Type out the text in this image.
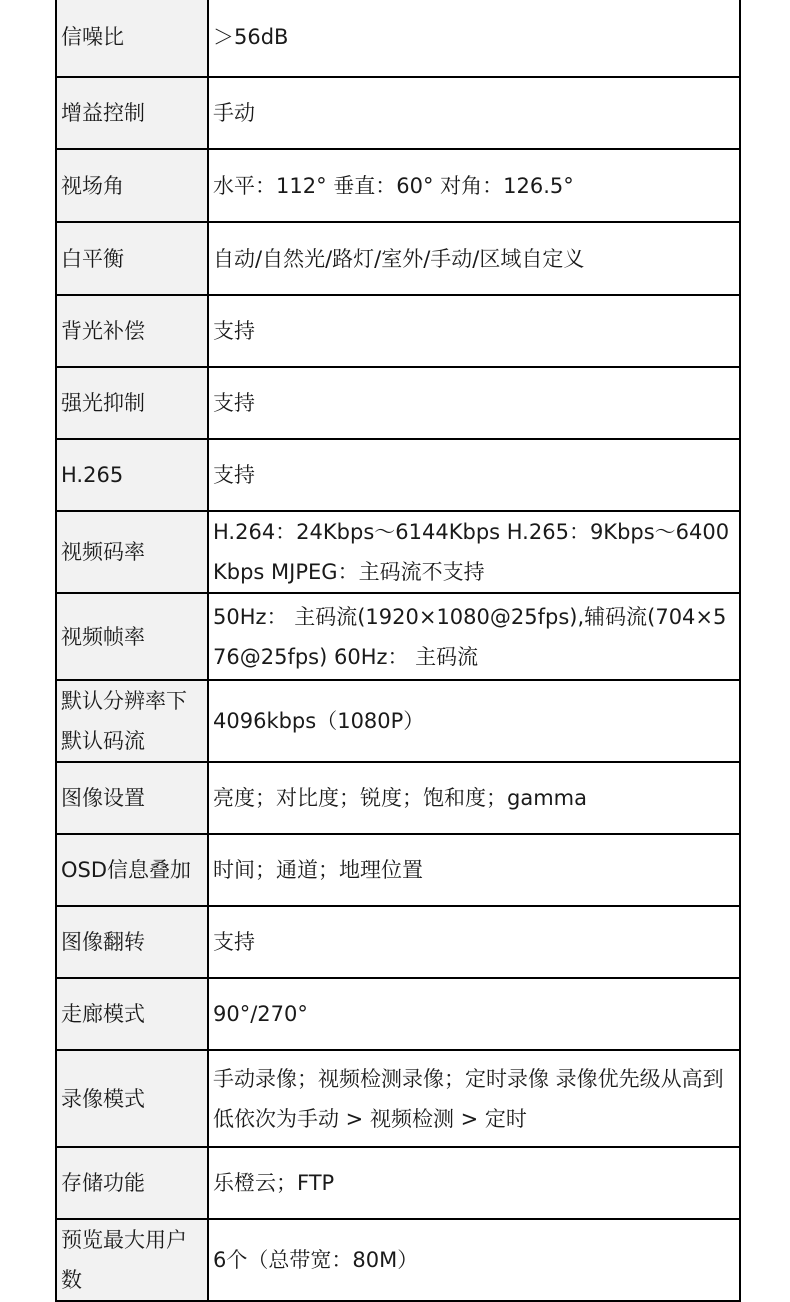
信噪比	＞56dB
增益控制	手动
视场角	水平：112° 垂直：60° 对角：126.5°
白平衡	自动/自然光/路灯/室外/手动/区域自定义
背光补偿	支持
强光抑制	支持
H.265	支持
视频码率	H.264：24Kbps～6144Kbps H.265：9Kbps～6400Kbps MJPEG：主码流不支持
视频帧率	50Hz： 主码流(1920×1080@25fps),辅码流(704×576@25fps) 60Hz： 主码流
默认分辨率下默认码流	4096kbps（1080P）
图像设置	亮度；对比度；锐度；饱和度；gamma
OSD信息叠加	时间；通道；地理位置
图像翻转	支持
走廊模式	90°/270°
录像模式	手动录像；视频检测录像；定时录像 录像优先级从高到低依次为手动 > 视频检测 > 定时
存储功能	乐橙云；FTP
预览最大用户数	6个（总带宽：80M）
